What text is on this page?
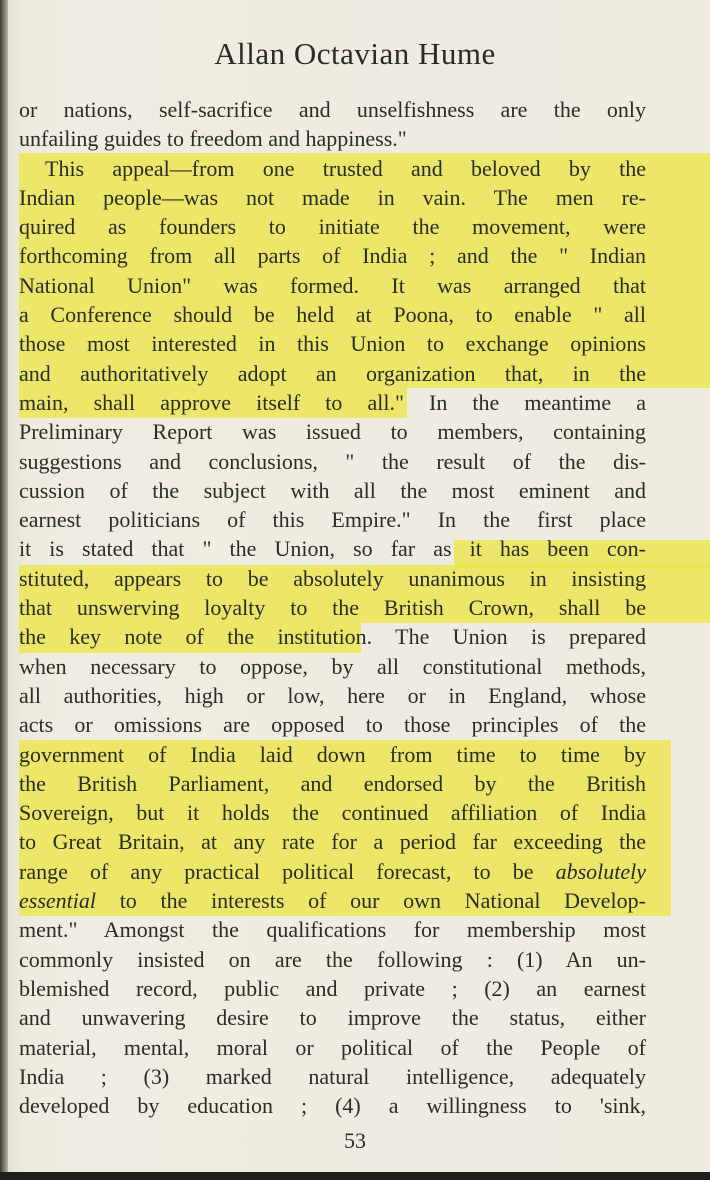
Allan Octavian Hume
or nations, self-sacrifice and unselfishness are the only
unfailing guides to freedom and happiness."
This appeal—from one trusted and beloved by the
Indian people—was not made in vain. The men re-
quired as founders to initiate the movement, were
forthcoming from all parts of India ; and the " Indian
National Union" was formed. It was arranged that
a Conference should be held at Poona, to enable " all
those most interested in this Union to exchange opinions
and authoritatively adopt an organization that, in the
main, shall approve itself to all." In the meantime a
Preliminary Report was issued to members, containing
suggestions and conclusions, " the result of the dis-
cussion of the subject with all the most eminent and
earnest politicians of this Empire." In the first place
it is stated that " the Union, so far as it has been con-
stituted, appears to be absolutely unanimous in insisting
that unswerving loyalty to the British Crown, shall be
the key note of the institution. The Union is prepared
when necessary to oppose, by all constitutional methods,
all authorities, high or low, here or in England, whose
acts or omissions are opposed to those principles of the
government of India laid down from time to time by
the British Parliament, and endorsed by the British
Sovereign, but it holds the continued affiliation of India
to Great Britain, at any rate for a period far exceeding the
range of any practical political forecast, to be absolutely
essential to the interests of our own National Develop-
ment." Amongst the qualifications for membership most
commonly insisted on are the following : (1) An un-
blemished record, public and private ; (2) an earnest
and unwavering desire to improve the status, either
material, mental, moral or political of the People of
India ; (3) marked natural intelligence, adequately
developed by education ; (4) a willingness to 'sink,
53
